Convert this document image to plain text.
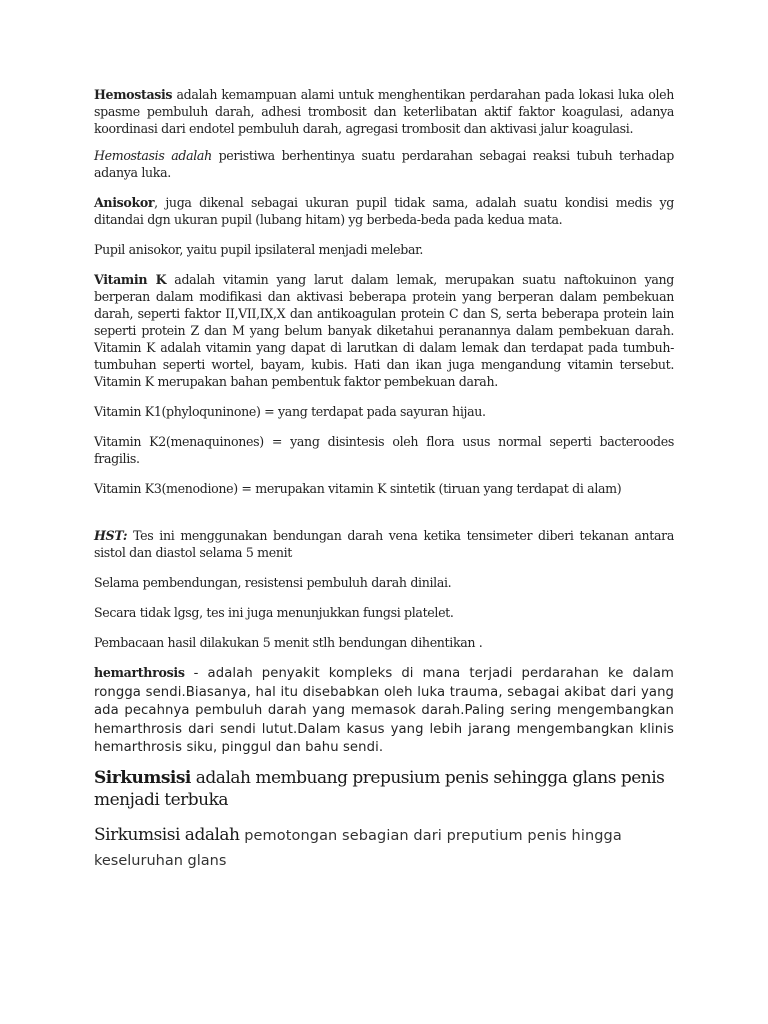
Hemostasis adalah kemampuan alami untuk menghentikan perdarahan pada lokasi luka oleh spasme pembuluh darah, adhesi trombosit dan keterlibatan aktif faktor koagulasi, adanya koordinasi dari endotel pembuluh darah, agregasi trombosit dan aktivasi jalur koagulasi.

Hemostasis adalah peristiwa berhentinya suatu perdarahan sebagai reaksi tubuh terhadap adanya luka.

Anisokor, juga dikenal sebagai ukuran pupil tidak sama, adalah suatu kondisi medis yg ditandai dgn ukuran pupil (lubang hitam) yg berbeda-beda pada kedua mata.

Pupil anisokor, yaitu pupil ipsilateral menjadi melebar.

Vitamin K adalah vitamin yang larut dalam lemak, merupakan suatu naftokuinon yang berperan dalam modifikasi dan aktivasi beberapa protein yang berperan dalam pembekuan darah, seperti faktor II,VII,IX,X dan antikoagulan protein C dan S, serta beberapa protein lain seperti protein Z dan M yang belum banyak diketahui peranannya dalam pembekuan darah. Vitamin K adalah vitamin yang dapat di larutkan di dalam lemak dan terdapat pada tumbuh-tumbuhan seperti wortel, bayam, kubis. Hati dan ikan juga mengandung vitamin tersebut. Vitamin K merupakan bahan pembentuk faktor pembekuan darah.

Vitamin K1(phyloquninone) = yang terdapat pada sayuran hijau.

Vitamin K2(menaquinones) = yang disintesis oleh flora usus normal seperti bacteroodes fragilis.

Vitamin K3(menodione) = merupakan vitamin K sintetik (tiruan yang terdapat di alam)

HST: Tes ini menggunakan bendungan darah vena ketika tensimeter diberi tekanan antara sistol dan diastol selama 5 menit

Selama pembendungan, resistensi pembuluh darah dinilai.

Secara tidak lgsg, tes ini juga menunjukkan fungsi platelet.

Pembacaan hasil dilakukan 5 menit stlh bendungan dihentikan .

hemarthrosis - adalah penyakit kompleks di mana terjadi perdarahan ke dalam rongga sendi.Biasanya, hal itu disebabkan oleh luka trauma, sebagai akibat dari yang ada pecahnya pembuluh darah yang memasok darah.Paling sering mengembangkan hemarthrosis dari sendi lutut.Dalam kasus yang lebih jarang mengembangkan klinis hemarthrosis siku, pinggul dan bahu sendi.

Sirkumsisi adalah membuang prepusium penis sehingga glans penis menjadi terbuka

Sirkumsisi adalah pemotongan sebagian dari preputium penis hingga

keseluruhan glans
